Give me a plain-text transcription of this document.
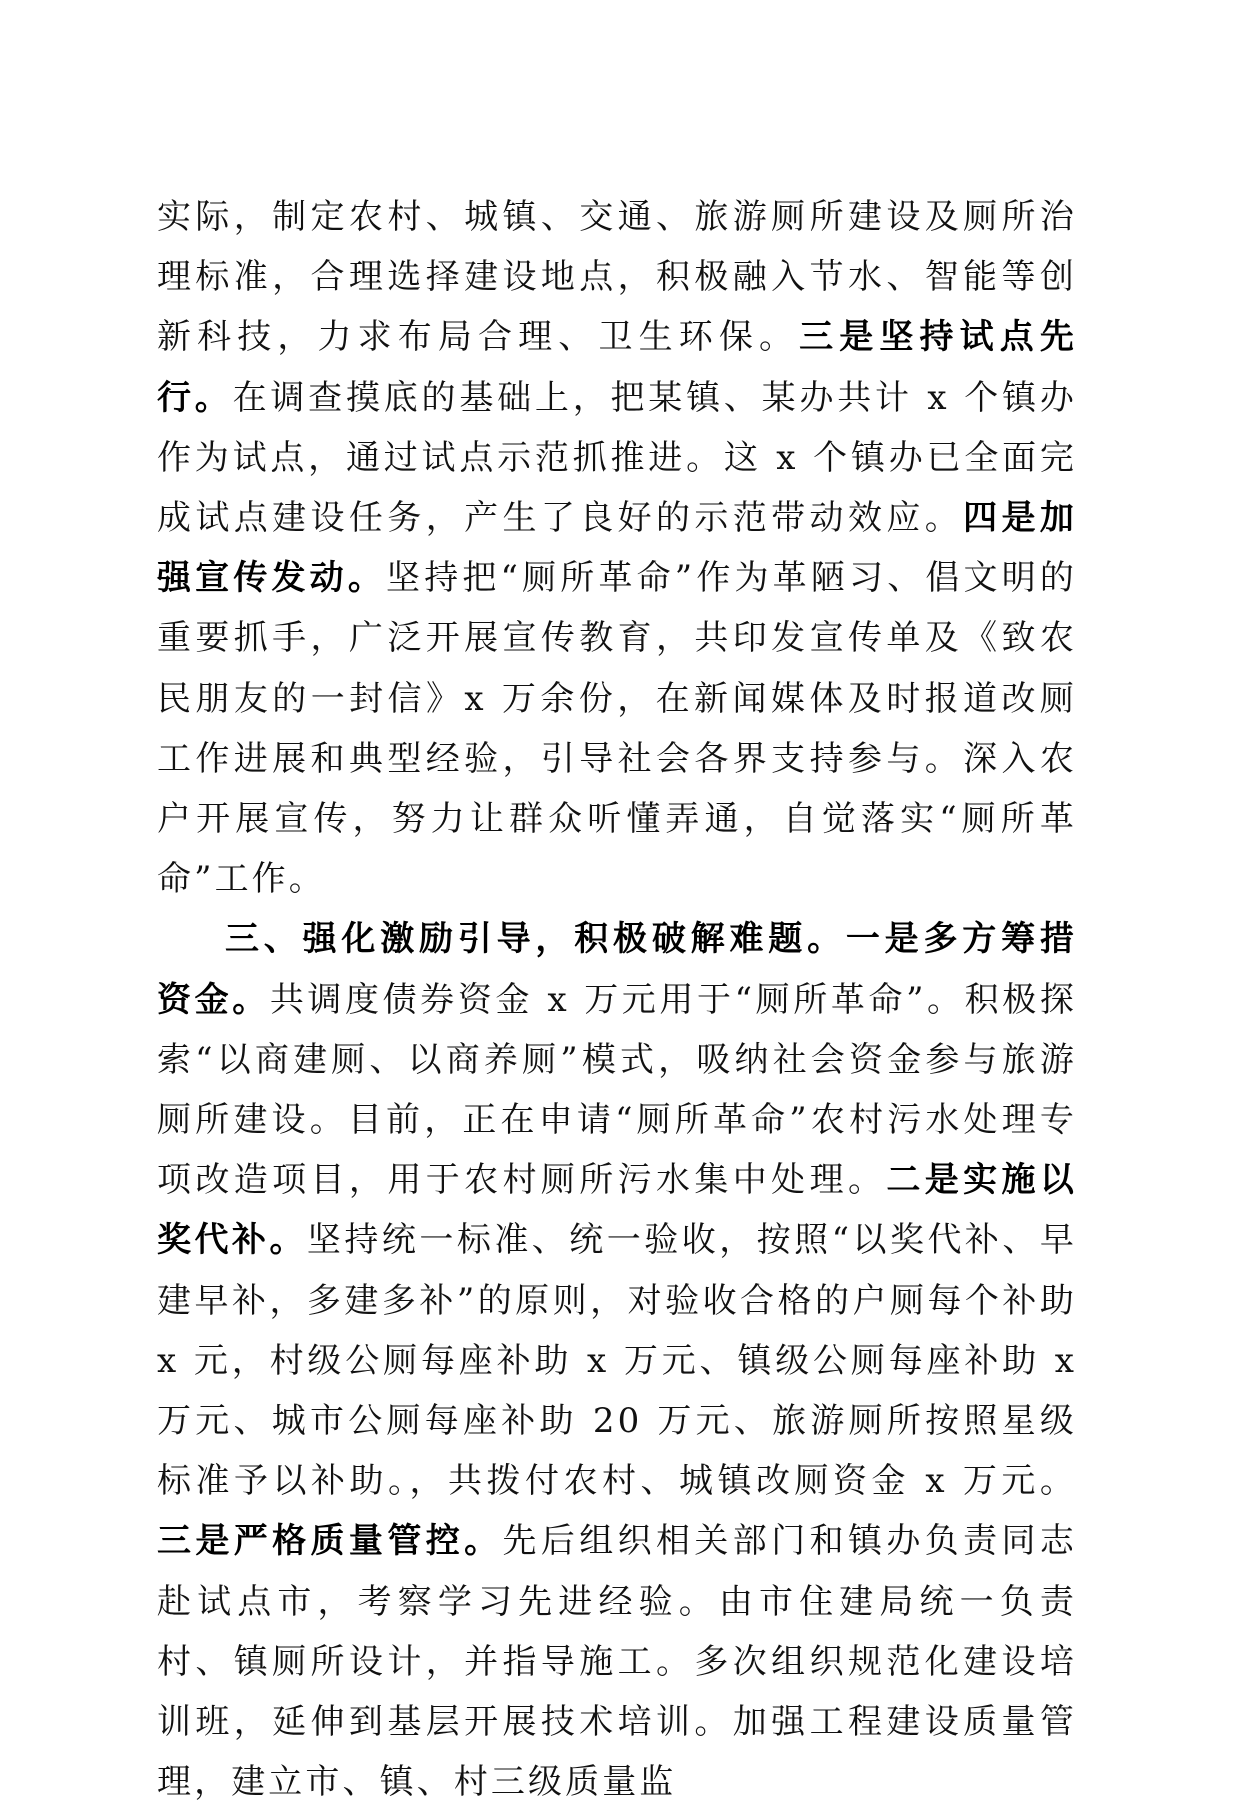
实际，制定农村、城镇、交通、旅游厕所建设及厕所治理标准，合理选择建设地点，积极融入节水、智能等创新科技，力求布局合理、卫生环保。三是坚持试点先行。在调查摸底的基础上，把某镇、某办共计 x 个镇办作为试点，通过试点示范抓推进。这 x 个镇办已全面完成试点建设任务，产生了良好的示范带动效应。四是加强宣传发动。坚持把“厕所革命”作为革陋习、倡文明的重要抓手，广泛开展宣传教育，共印发宣传单及《致农民朋友的一封信》x 万余份，在新闻媒体及时报道改厕工作进展和典型经验，引导社会各界支持参与。深入农户开展宣传，努力让群众听懂弄通，自觉落实“厕所革命”工作。

三、强化激励引导，积极破解难题。一是多方筹措资金。共调度债券资金 x 万元用于“厕所革命”。积极探索“以商建厕、以商养厕”模式，吸纳社会资金参与旅游厕所建设。目前，正在申请“厕所革命”农村污水处理专项改造项目，用于农村厕所污水集中处理。二是实施以奖代补。坚持统一标准、统一验收，按照“以奖代补、早建早补，多建多补”的原则，对验收合格的户厕每个补助 x 元，村级公厕每座补助 x 万元、镇级公厕每座补助 x 万元、城市公厕每座补助 20 万元、旅游厕所按照星级标准予以补助。，共拨付农村、城镇改厕资金 x 万元。三是严格质量管控。先后组织相关部门和镇办负责同志赴试点市，考察学习先进经验。由市住建局统一负责村、镇厕所设计，并指导施工。多次组织规范化建设培训班，延伸到基层开展技术培训。加强工程建设质量管理，建立市、镇、村三级质量监
